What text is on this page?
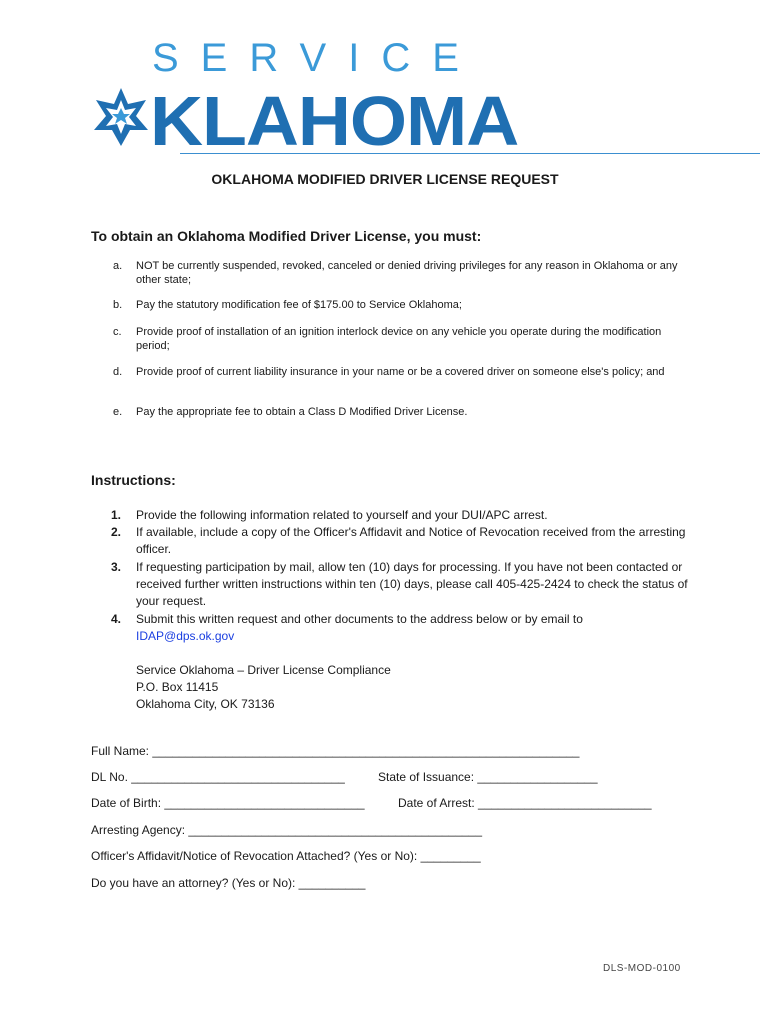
SERVICE
KLAHOMA
OKLAHOMA MODIFIED DRIVER LICENSE REQUEST
To obtain an Oklahoma Modified Driver License, you must:
a. NOT be currently suspended, revoked, canceled or denied driving privileges for any reason in Oklahoma or any other state;
b. Pay the statutory modification fee of $175.00 to Service Oklahoma;
c. Provide proof of installation of an ignition interlock device on any vehicle you operate during the modification period;
d. Provide proof of current liability insurance in your name or be a covered driver on someone else's policy; and
e. Pay the appropriate fee to obtain a Class D Modified Driver License.
Instructions:
1. Provide the following information related to yourself and your DUI/APC arrest.
2. If available, include a copy of the Officer's Affidavit and Notice of Revocation received from the arresting officer.
3. If requesting participation by mail, allow ten (10) days for processing. If you have not been contacted or received further written instructions within ten (10) days, please call 405-425-2424 to check the status of your request.
4. Submit this written request and other documents to the address below or by email to
IDAP@dps.ok.gov
Service Oklahoma – Driver License Compliance
P.O. Box 11415
Oklahoma City, OK 73136
Full Name: ________________________________________________________________
DL No. ________________________________	State of Issuance: __________________
Date of Birth: ______________________________	Date of Arrest: __________________________
Arresting Agency: ____________________________________________
Officer's Affidavit/Notice of Revocation Attached? (Yes or No): _________
Do you have an attorney? (Yes or No): __________
DLS-MOD-0100
